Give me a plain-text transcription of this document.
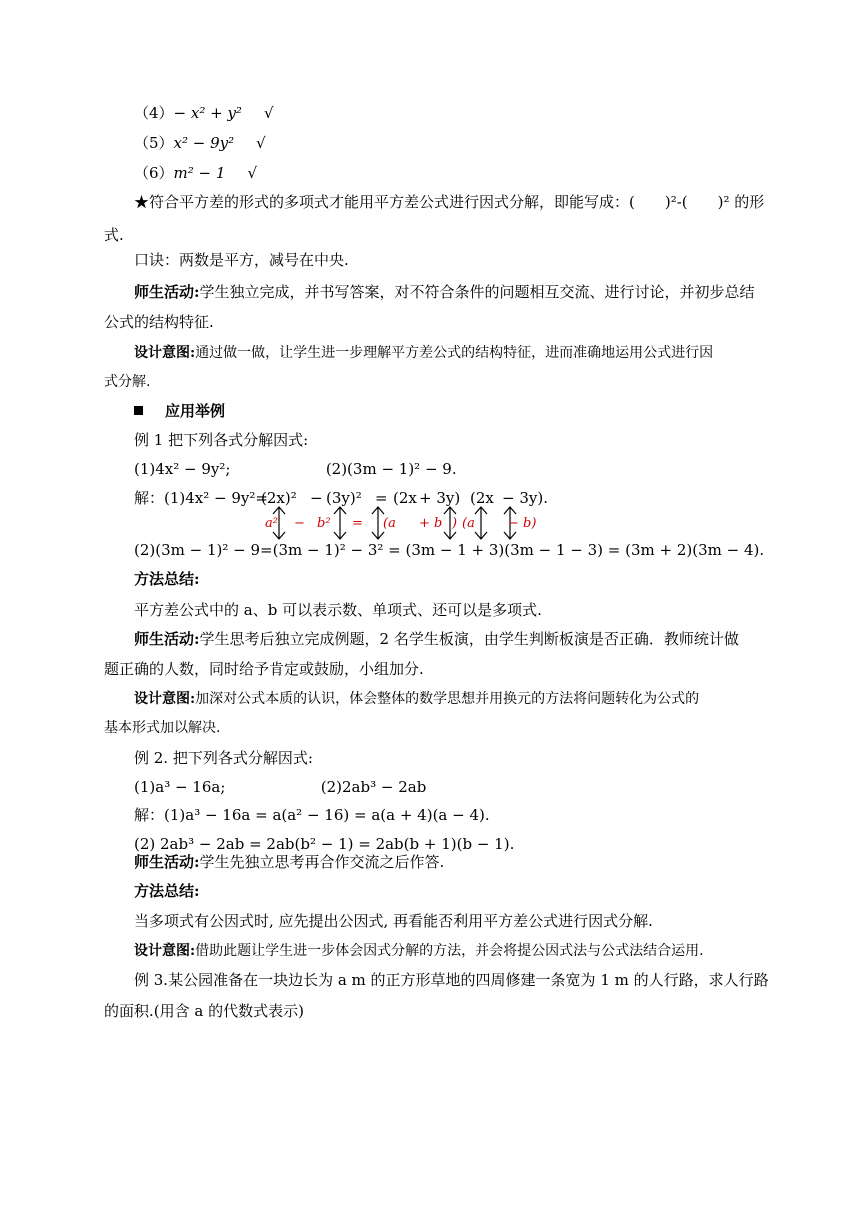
（4）− x² + y² √
（5）x² − 9y² √
（6）m² − 1 √
★符合平方差的形式的多项式才能用平方差公式进行因式分解，即能写成：(　　)²-(　　)² 的形
式.
口诀：两数是平方，减号在中央.
师生活动:学生独立完成，并书写答案，对不符合条件的问题相互交流、进行讨论，并初步总结
公式的结构特征.
设计意图:通过做一做，让学生进一步理解平方差公式的结构特征，进而准确地运用公式进行因
式分解.
应用举例
例 1 把下列各式分解因式:
(1)4x² − 9y²;                    (2)(3m − 1)² − 9.
解：(1)4x² − 9y²=
(2x)² − (3y)² = (2x + 3y) (2x − 3y).
a² − b² = (a + b ) (a	− b)
(2)(3m − 1)² − 9=(3m − 1)² − 3² = (3m − 1 + 3)(3m − 1 − 3) = (3m + 2)(3m − 4).
方法总结:
平方差公式中的 a、b 可以表示数、单项式、还可以是多项式.
师生活动:学生思考后独立完成例题，2 名学生板演，由学生判断板演是否正确．教师统计做
题正确的人数，同时给予肯定或鼓励，小组加分.
设计意图:加深对公式本质的认识，体会整体的数学思想并用换元的方法将问题转化为公式的
基本形式加以解决.
例 2. 把下列各式分解因式:
(1)a³ − 16a;                    (2)2ab³ − 2ab
解：(1)a³ − 16a = a(a² − 16) = a(a + 4)(a − 4).
(2) 2ab³ − 2ab = 2ab(b² − 1) = 2ab(b + 1)(b − 1).
师生活动:学生先独立思考再合作交流之后作答.
方法总结:
当多项式有公因式时, 应先提出公因式, 再看能否利用平方差公式进行因式分解.
设计意图:借助此题让学生进一步体会因式分解的方法，并会将提公因式法与公式法结合运用.
例 3.某公园准备在一块边长为 a m 的正方形草地的四周修建一条宽为 1 m 的人行路，求人行路
的面积.(用含 a 的代数式表示)
